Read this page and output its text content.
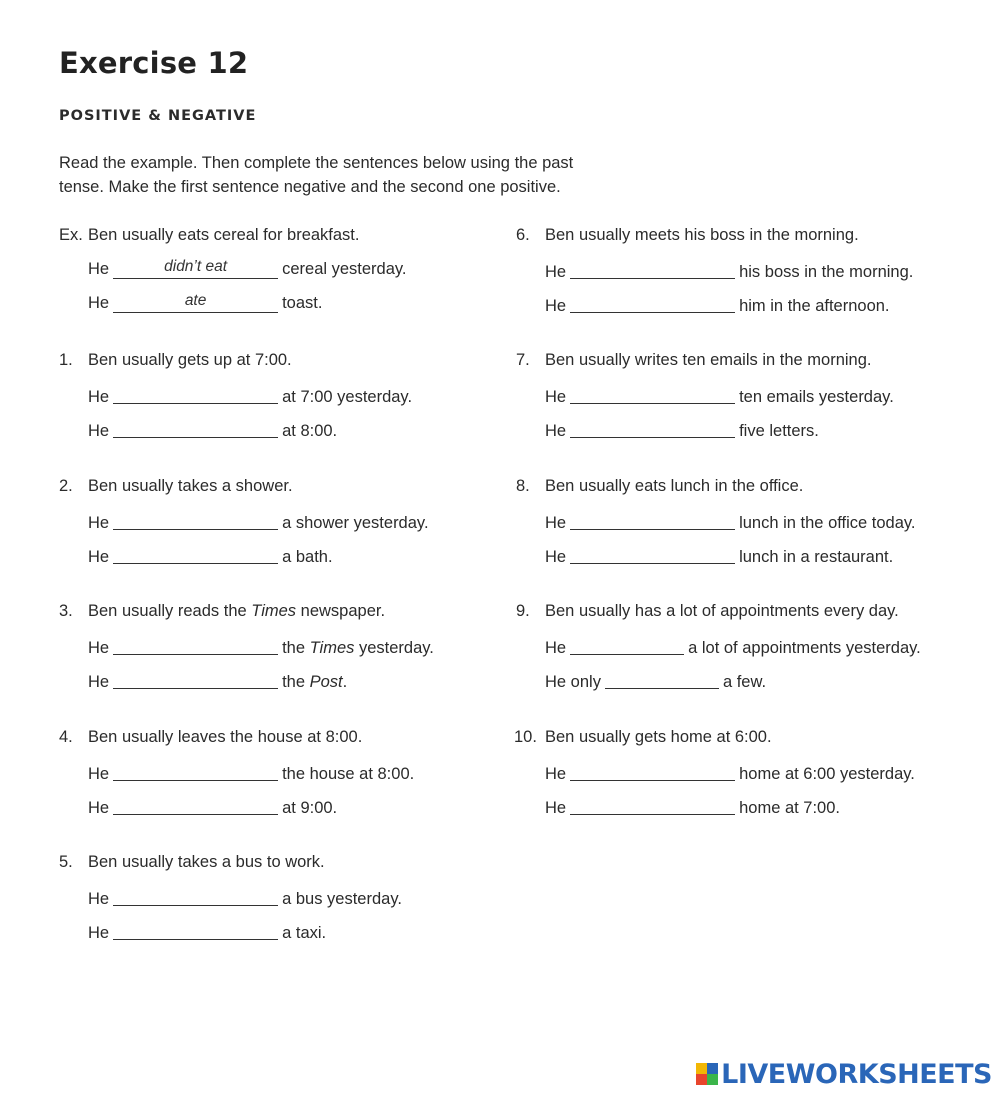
Exercise 12
POSITIVE & NEGATIVE

Read the example. Then complete the sentences below using the past
tense. Make the first sentence negative and the second one positive.

Ex. Ben usually eats cereal for breakfast.
He	didn’t eat	cereal yesterday.
He	ate	toast.
1. Ben usually gets up at 7:00.
He	at 7:00 yesterday.
He	at 8:00.
2. Ben usually takes a shower.
He	a shower yesterday.
He	a bath.
3. Ben usually reads the Times newspaper.
He	the Times yesterday.
He	the Post.
4. Ben usually leaves the house at 8:00.
He	the house at 8:00.
He	at 9:00.
5. Ben usually takes a bus to work.
He	a bus yesterday.
He	a taxi.
6. Ben usually meets his boss in the morning.
He	his boss in the morning.
He	him in the afternoon.
7. Ben usually writes ten emails in the morning.
He	ten emails yesterday.
He	five letters.
8. Ben usually eats lunch in the office.
He	lunch in the office today.
He	lunch in a restaurant.
9. Ben usually has a lot of appointments every day.
He	a lot of appointments yesterday.
He only	a few.
10. Ben usually gets home at 6:00.
He	home at 6:00 yesterday.
He	home at 7:00.
LIVEWORKSHEETS
